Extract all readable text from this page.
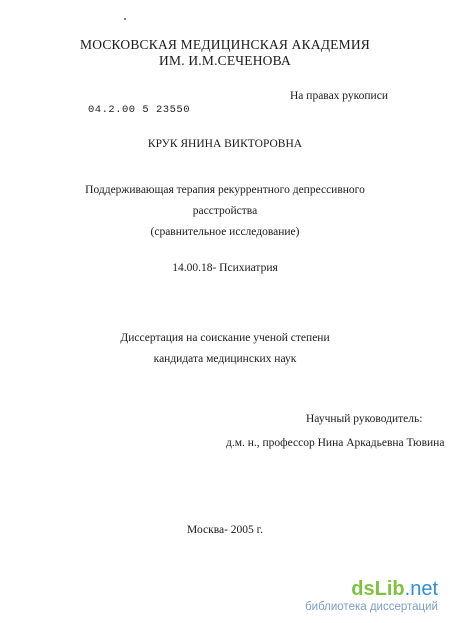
МОСКОВСКАЯ МЕДИЦИНСКАЯ АКАДЕМИЯ
ИМ. И.М.СЕЧЕНОВА
На правах рукописи
04.2.00 5 23550
КРУК ЯНИНА ВИКТОРОВНА
Поддерживающая терапия рекуррентного депрессивного
расстройства
(сравнительное исследование)
14.00.18- Психиатрия
Диссертация на соискание ученой степени
кандидата медицинских наук
Научный руководитель:
д.м. н., профессор Нина Аркадьевна Тювина
Москва- 2005 г.
dsLib.net
библиотека диссертаций
